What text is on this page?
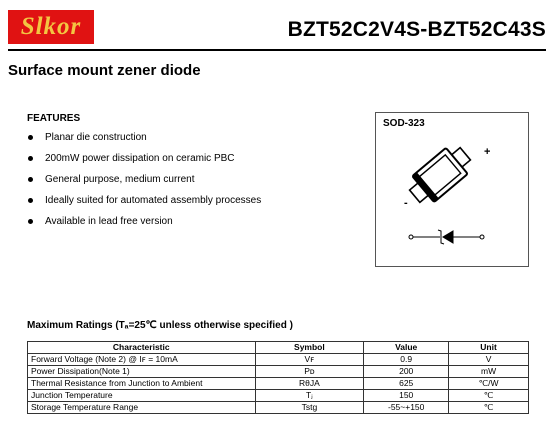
Slkor	BZT52C2V4S-BZT52C43S
Surface mount zener diode
FEATURES
Planar die construction
200mW power dissipation on ceramic PBC
General purpose, medium current
Ideally suited for automated assembly processes
Available in lead free version
SOD-323
+
-
Maximum Ratings (Tₐ=25℃ unless otherwise specified )
Characteristic	Symbol	Value	Unit
Forward Voltage (Note 2) @ Iꜰ = 10mA	Vꜰ	0.9	V
Power Dissipation(Note 1)	Pᴅ	200	mW
Thermal Resistance from Junction to Ambient	RθJA	625	℃/W
Junction Temperature	Tⱼ	150	℃
Storage Temperature Range	Tstg	-55~+150	℃
